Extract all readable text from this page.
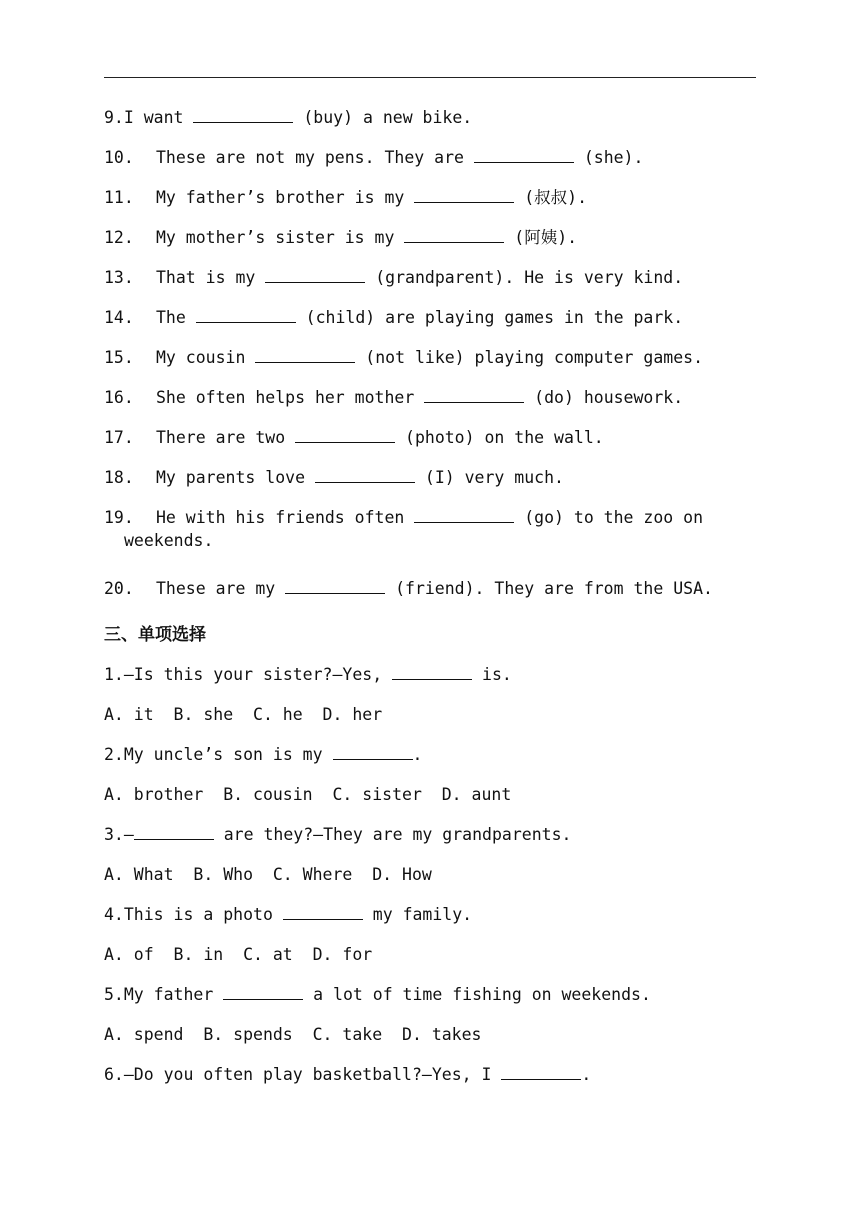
9.I want	(buy) a new bike.
10. These are not my pens. They are	(she).
11. My father’s brother is my	(叔叔).
12. My mother’s sister is my	(阿姨).
13. That is my	(grandparent). He is very kind.
14. The	(child) are playing games in the park.
15. My cousin	(not like) playing computer games.
16. She often helps her mother	(do) housework.
17. There are two	(photo) on the wall.
18. My parents love	(I) very much.
19. He with his friends often	(go) to the zoo on
weekends.
20. These are my	(friend). They are from the USA.
三、单项选择
1.—Is this your sister?—Yes,	is.
A. it  B. she  C. he  D. her
2.My uncle’s son is my	.
A. brother  B. cousin  C. sister  D. aunt
3.—	are they?—They are my grandparents.
A. What  B. Who  C. Where  D. How
4.This is a photo	my family.
A. of  B. in  C. at  D. for
5.My father	a lot of time fishing on weekends.
A. spend  B. spends  C. take  D. takes
6.—Do you often play basketball?—Yes, I	.
